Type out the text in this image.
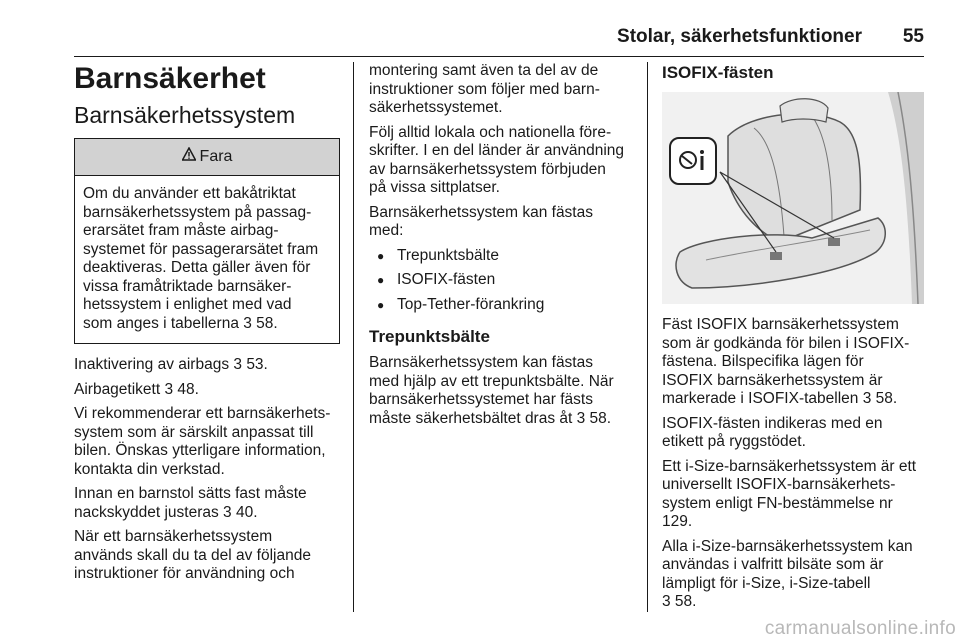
Stolar, säkerhetsfunktioner 55
Barnsäkerhet
Barnsäkerhetssystem
Fara
Om du använder ett bakåtriktat
barnsäkerhetssystem på passag-
erarsätet fram måste airbag-
systemet för passagerarsätet fram
deaktiveras. Detta gäller även för
vissa framåtriktade barnsäker-
hetssystem i enlighet med vad
som anges i tabellerna 3 58.

Inaktivering av airbags 3 53.

Airbagetikett 3 48.

Vi rekommenderar ett barnsäkerhets-
system som är särskilt anpassat till
bilen. Önskas ytterligare information,
kontakta din verkstad.

Innan en barnstol sätts fast måste
nackskyddet justeras 3 40.

När ett barnsäkerhetssystem
används skall du ta del av följande
instruktioner för användning och

montering samt även ta del av de
instruktioner som följer med barn-
säkerhetssystemet.

Följ alltid lokala och nationella före-
skrifter. I en del länder är användning
av barnsäkerhetssystem förbjuden
på vissa sittplatser.

Barnsäkerhetssystem kan fästas
med:

● Trepunktsbälte
● ISOFIX-fästen
● Top-Tether-förankring
Trepunktsbälte

Barnsäkerhetssystem kan fästas
med hjälp av ett trepunktsbälte. När
barnsäkerhetssystemet har fästs
måste säkerhetsbältet dras åt 3 58.

ISOFIX-fästen

Fäst ISOFIX barnsäkerhetssystem
som är godkända för bilen i ISOFIX-
fästena. Bilspecifika lägen för
ISOFIX barnsäkerhetssystem är
markerade i ISOFIX-tabellen 3 58.

ISOFIX-fästen indikeras med en
etikett på ryggstödet.

Ett i-Size-barnsäkerhetssystem är ett
universellt ISOFIX-barnsäkerhets-
system enligt FN-bestämmelse nr
129.

Alla i-Size-barnsäkerhetssystem kan
användas i valfritt bilsäte som är
lämpligt för i-Size, i-Size-tabell
3 58.

carmanualsonline.info
